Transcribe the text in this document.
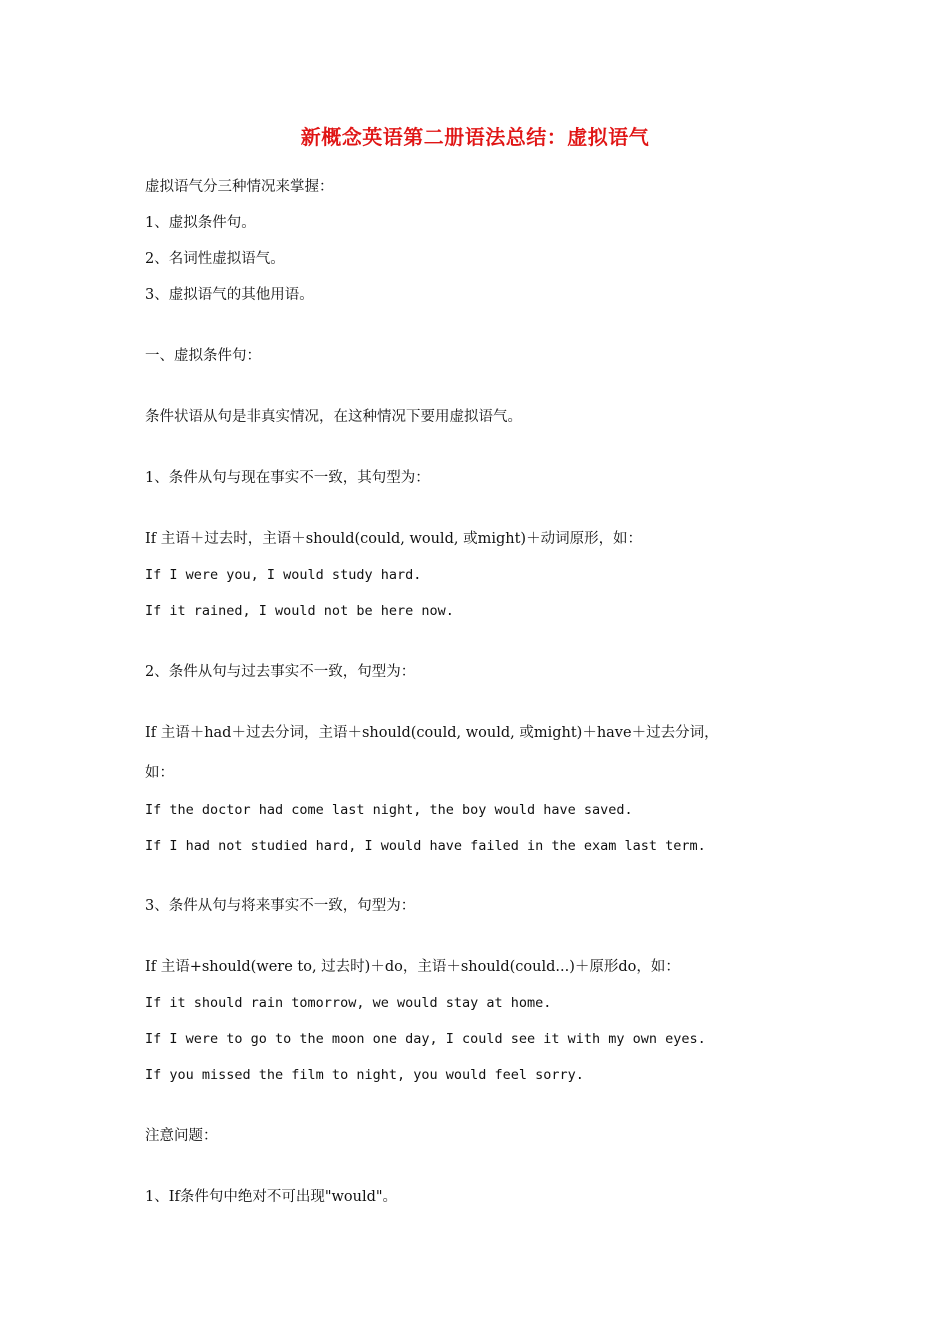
新概念英语第二册语法总结：虚拟语气
虚拟语气分三种情况来掌握：
1、虚拟条件句。
2、名词性虚拟语气。
3、虚拟语气的其他用语。
一、虚拟条件句：
条件状语从句是非真实情况，在这种情况下要用虚拟语气。
1、条件从句与现在事实不一致，其句型为：
If 主语＋过去时，主语＋should(could, would, 或might)＋动词原形，如：
If I were you, I would study hard.
If it rained, I would not be here now.
2、条件从句与过去事实不一致，句型为：
If 主语＋had＋过去分词，主语＋should(could, would, 或might)＋have＋过去分词，
如：
If the doctor had come last night, the boy would have saved.
If I had not studied hard, I would have failed in the exam last term.
3、条件从句与将来事实不一致，句型为：
If 主语+should(were to, 过去时)＋do，主语＋should(could...)＋原形do，如：
If it should rain tomorrow, we would stay at home.
If I were to go to the moon one day, I could see it with my own eyes.
If you missed the film to night, you would feel sorry.
注意问题：
1、If条件句中绝对不可出现"would"。
